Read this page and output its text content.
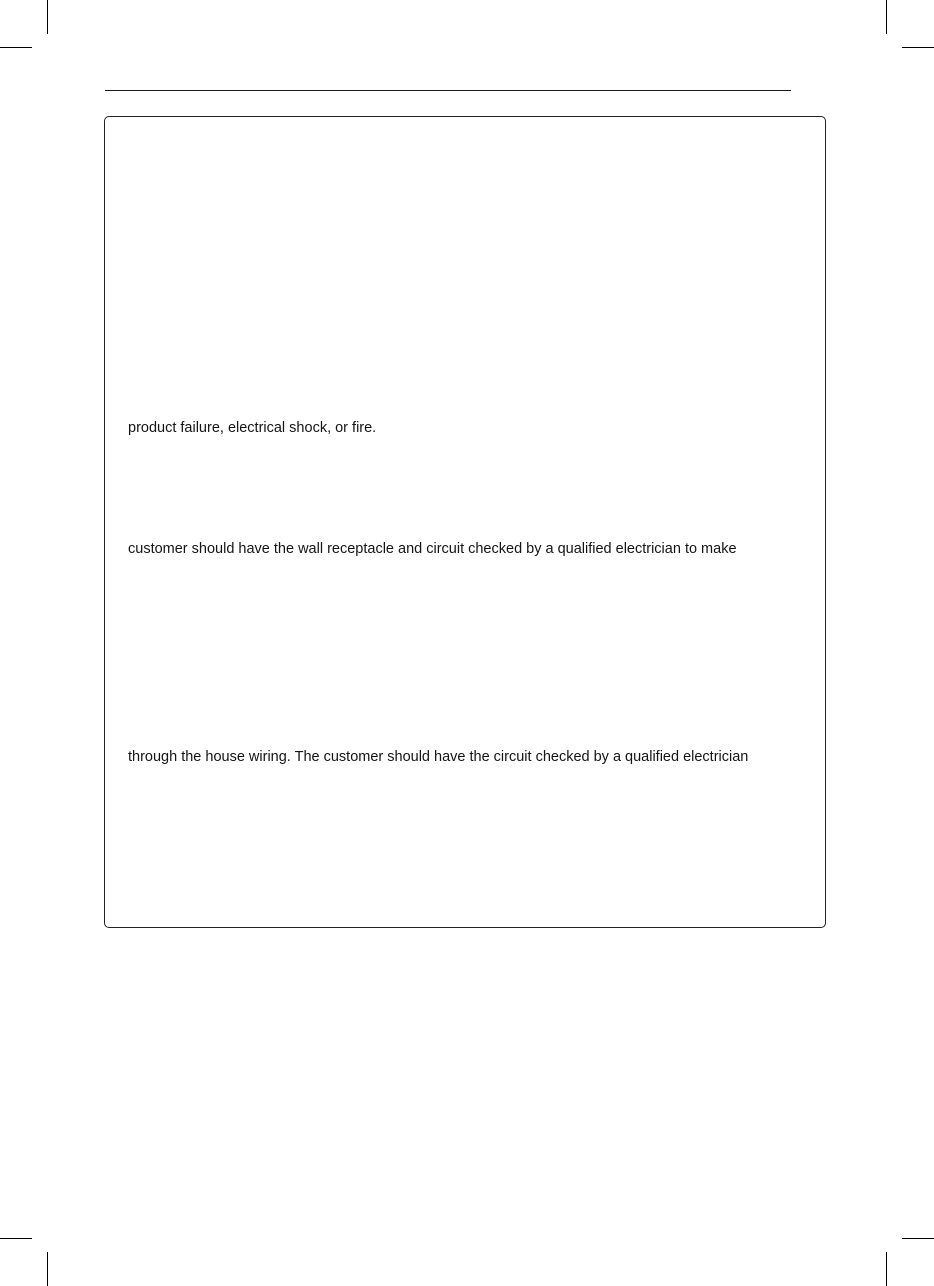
product failure, electrical shock, or fire.

customer should have the wall receptacle and circuit checked by a qualified electrician to make

through the house wiring. The customer should have the circuit checked by a qualified electrician
